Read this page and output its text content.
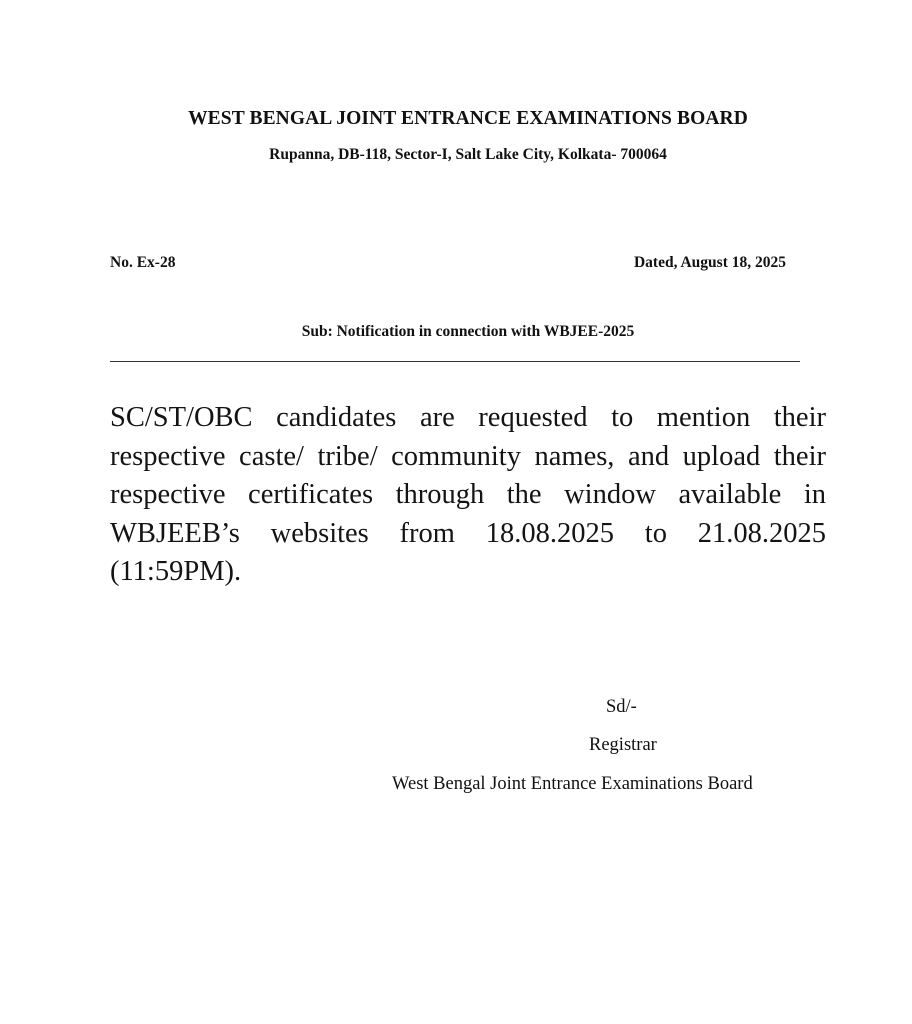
WEST BENGAL JOINT ENTRANCE EXAMINATIONS BOARD
Rupanna, DB-118, Sector-I, Salt Lake City, Kolkata- 700064
No. Ex-28	Dated, August 18, 2025
Sub: Notification in connection with WBJEE-2025
SC/ST/OBC candidates are requested to mention their respective caste/ tribe/ community names, and upload their respective certificates through the window available in WBJEEB’s websites from 18.08.2025 to 21.08.2025
(11:59PM).
Sd/-
Registrar
West Bengal Joint Entrance Examinations Board
